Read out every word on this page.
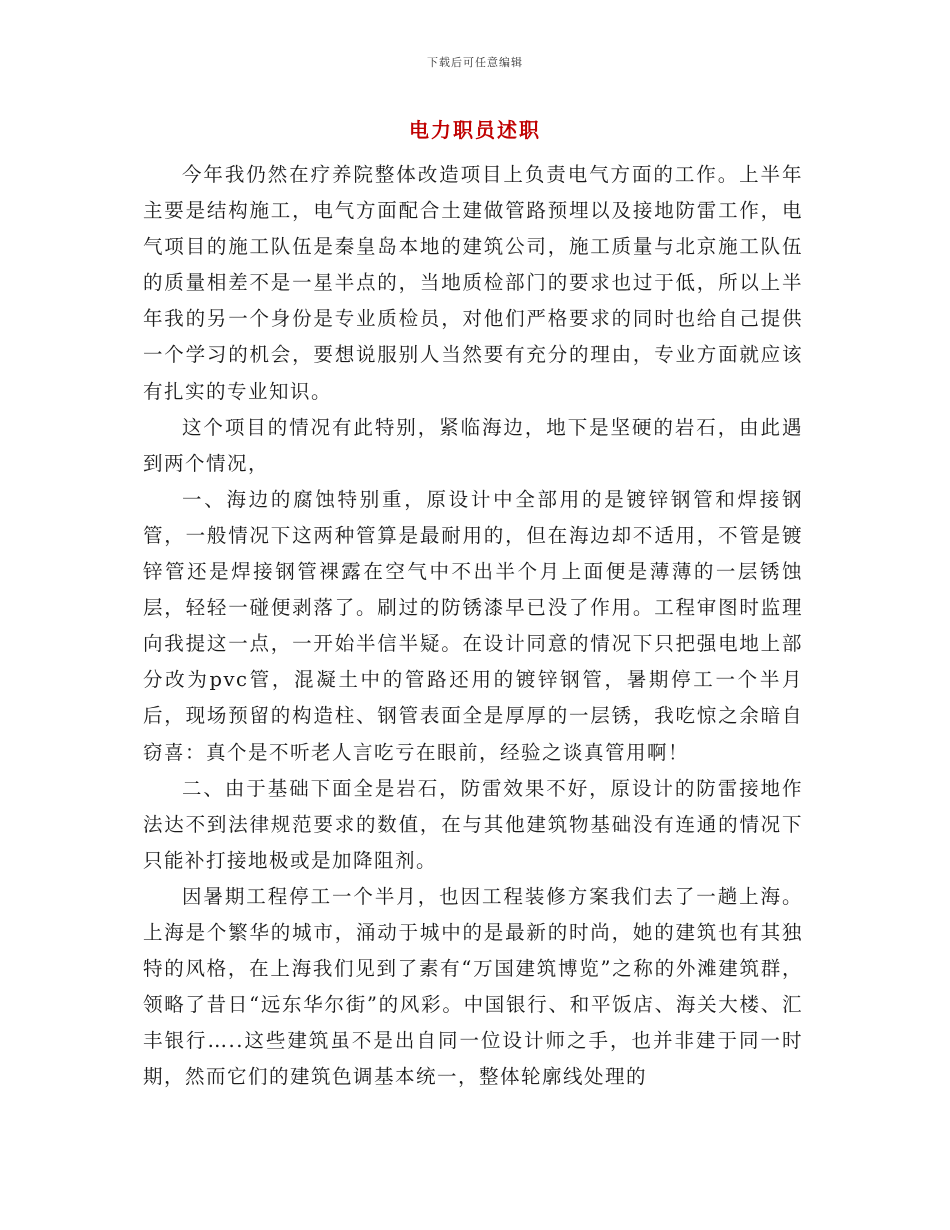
下载后可任意编辑
电力职员述职

今年我仍然在疗养院整体改造项目上负责电气方面的工作。上半年主要是结构施工，电气方面配合土建做管路预埋以及接地防雷工作，电气项目的施工队伍是秦皇岛本地的建筑公司，施工质量与北京施工队伍的质量相差不是一星半点的，当地质检部门的要求也过于低，所以上半年我的另一个身份是专业质检员，对他们严格要求的同时也给自己提供一个学习的机会，要想说服别人当然要有充分的理由，专业方面就应该有扎实的专业知识。

这个项目的情况有此特别，紧临海边，地下是坚硬的岩石，由此遇到两个情况，

一、海边的腐蚀特别重，原设计中全部用的是镀锌钢管和焊接钢管，一般情况下这两种管算是最耐用的，但在海边却不适用，不管是镀锌管还是焊接钢管裸露在空气中不出半个月上面便是薄薄的一层锈蚀层，轻轻一碰便剥落了。刷过的防锈漆早已没了作用。工程审图时监理向我提这一点，一开始半信半疑。在设计同意的情况下只把强电地上部分改为pvc管，混凝土中的管路还用的镀锌钢管，暑期停工一个半月后，现场预留的构造柱、钢管表面全是厚厚的一层锈，我吃惊之余暗自窃喜：真个是不听老人言吃亏在眼前，经验之谈真管用啊！

二、由于基础下面全是岩石，防雷效果不好，原设计的防雷接地作法达不到法律规范要求的数值，在与其他建筑物基础没有连通的情况下只能补打接地极或是加降阻剂。

因暑期工程停工一个半月，也因工程装修方案我们去了一趟上海。上海是个繁华的城市，涌动于城中的是最新的时尚，她的建筑也有其独特的风格，在上海我们见到了素有“万国建筑博览”之称的外滩建筑群，领略了昔日“远东华尔街”的风彩。中国银行、和平饭店、海关大楼、汇丰银行…..这些建筑虽不是出自同一位设计师之手，也并非建于同一时期，然而它们的建筑色调基本统一，整体轮廓线处理的
